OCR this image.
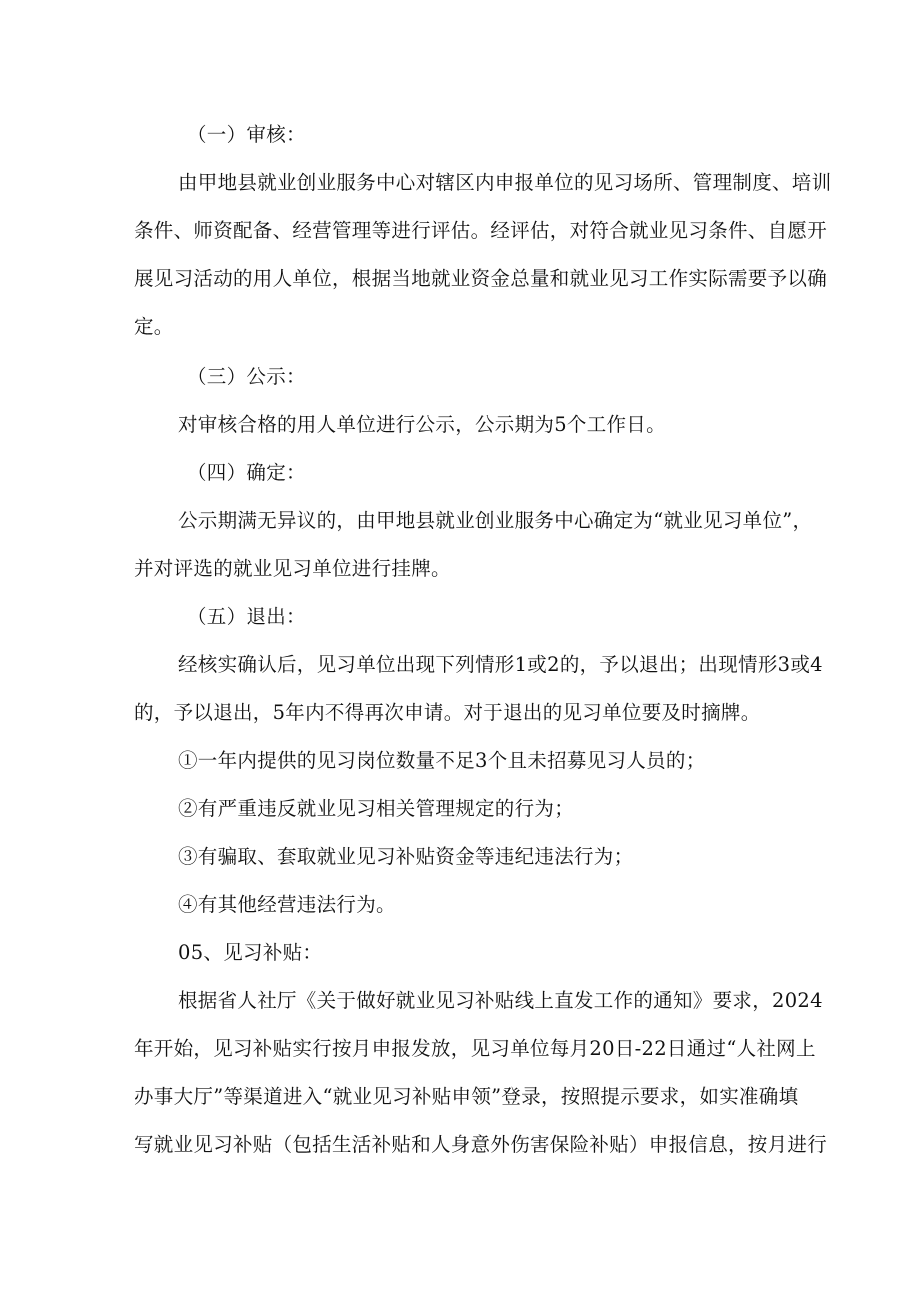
（一）审核：
由甲地县就业创业服务中心对辖区内申报单位的见习场所、管理制度、培训
条件、师资配备、经营管理等进行评估。经评估，对符合就业见习条件、自愿开
展见习活动的用人单位，根据当地就业资金总量和就业见习工作实际需要予以确
定。
（三）公示：
对审核合格的用人单位进行公示，公示期为5个工作日。
（四）确定：
公示期满无异议的，由甲地县就业创业服务中心确定为“就业见习单位”，
并对评选的就业见习单位进行挂牌。
（五）退出：
经核实确认后，见习单位出现下列情形1或2的，予以退出；出现情形3或4
的，予以退出，5年内不得再次申请。对于退出的见习单位要及时摘牌。
①一年内提供的见习岗位数量不足3个且未招募见习人员的；
②有严重违反就业见习相关管理规定的行为；
③有骗取、套取就业见习补贴资金等违纪违法行为；
④有其他经营违法行为。
05、见习补贴：
根据省人社厅《关于做好就业见习补贴线上直发工作的通知》要求，2024
年开始，见习补贴实行按月申报发放，见习单位每月20日-22日通过“人社网上
办事大厅”等渠道进入“就业见习补贴申领”登录，按照提示要求，如实准确填
写就业见习补贴（包括生活补贴和人身意外伤害保险补贴）申报信息，按月进行
